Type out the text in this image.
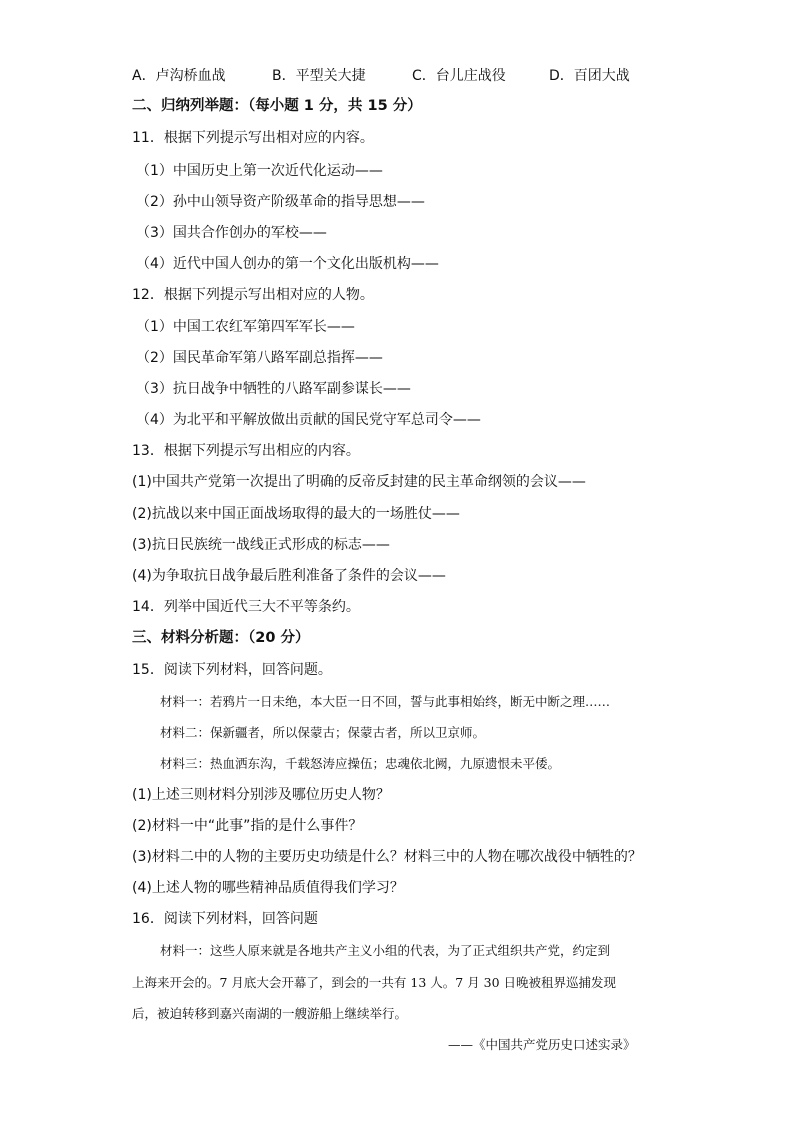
A．卢沟桥血战	B．平型关大捷	C．台儿庄战役	D．百团大战
二、归纳列举题：（每小题 1 分，共 15 分）
11．根据下列提示写出相对应的内容。
（1）中国历史上第一次近代化运动——
（2）孙中山领导资产阶级革命的指导思想——
（3）国共合作创办的军校——
（4）近代中国人创办的第一个文化出版机构——
12．根据下列提示写出相对应的人物。
（1）中国工农红军第四军军长——
（2）国民革命军第八路军副总指挥——
（3）抗日战争中牺牲的八路军副参谋长——
（4）为北平和平解放做出贡献的国民党守军总司令——
13．根据下列提示写出相应的内容。
(1)中国共产党第一次提出了明确的反帝反封建的民主革命纲领的会议——
(2)抗战以来中国正面战场取得的最大的一场胜仗——
(3)抗日民族统一战线正式形成的标志——
(4)为争取抗日战争最后胜利准备了条件的会议——
14．列举中国近代三大不平等条约。
三、材料分析题：（20 分）
15．阅读下列材料，回答问题。
材料一：若鸦片一日未绝，本大臣一日不回，誓与此事相始终，断无中断之理……
材料二：保新疆者，所以保蒙古；保蒙古者，所以卫京师。
材料三：热血洒东沟，千载怒涛应操伍；忠魂依北阙，九原遗恨未平倭。
(1)上述三则材料分别涉及哪位历史人物？
(2)材料一中“此事”指的是什么事件？
(3)材料二中的人物的主要历史功绩是什么？材料三中的人物在哪次战役中牺牲的？
(4)上述人物的哪些精神品质值得我们学习？
16．阅读下列材料，回答问题
材料一：这些人原来就是各地共产主义小组的代表，为了正式组织共产党，约定到
上海来开会的。7 月底大会开幕了，到会的一共有 13 人。7 月 30 日晚被租界巡捕发现
后，被迫转移到嘉兴南湖的一艘游船上继续举行。
——《中国共产党历史口述实录》
